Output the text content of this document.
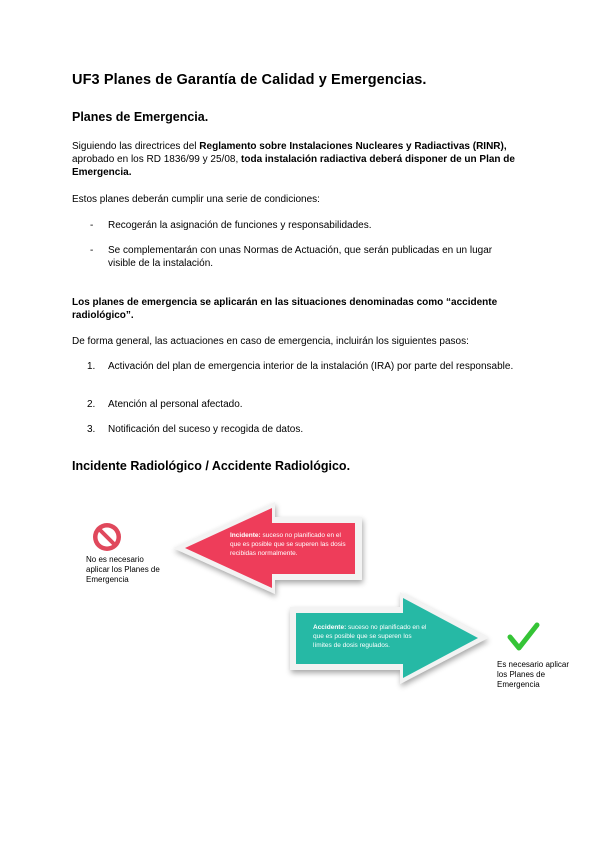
UF3 Planes de Garantía de Calidad y Emergencias.
Planes de Emergencia.
Siguiendo las directrices del Reglamento sobre Instalaciones Nucleares y Radiactivas (RINR), aprobado en los RD 1836/99 y 25/08, toda instalación radiactiva deberá disponer de un Plan de Emergencia.
Estos planes deberán cumplir una serie de condiciones:
- Recogerán la asignación de funciones y responsabilidades.
- Se complementarán con unas Normas de Actuación, que serán publicadas en un lugar visible de la instalación.
Los planes de emergencia se aplicarán en las situaciones denominadas como “accidente radiológico”.
De forma general, las actuaciones en caso de emergencia, incluirán los siguientes pasos:
1. Activación del plan de emergencia interior de la instalación (IRA) por parte del responsable.
2. Atención al personal afectado.
3. Notificación del suceso y recogida de datos.
Incidente Radiológico / Accidente Radiológico.
Incidente: suceso no planificado en el que es posible que se superen las dosis recibidas normalmente.
Accidente: suceso no planificado en el que es posible que se superen los límites de dosis regulados.
No es necesario aplicar los Planes de Emergencia
Es necesario aplicar los Planes de Emergencia
